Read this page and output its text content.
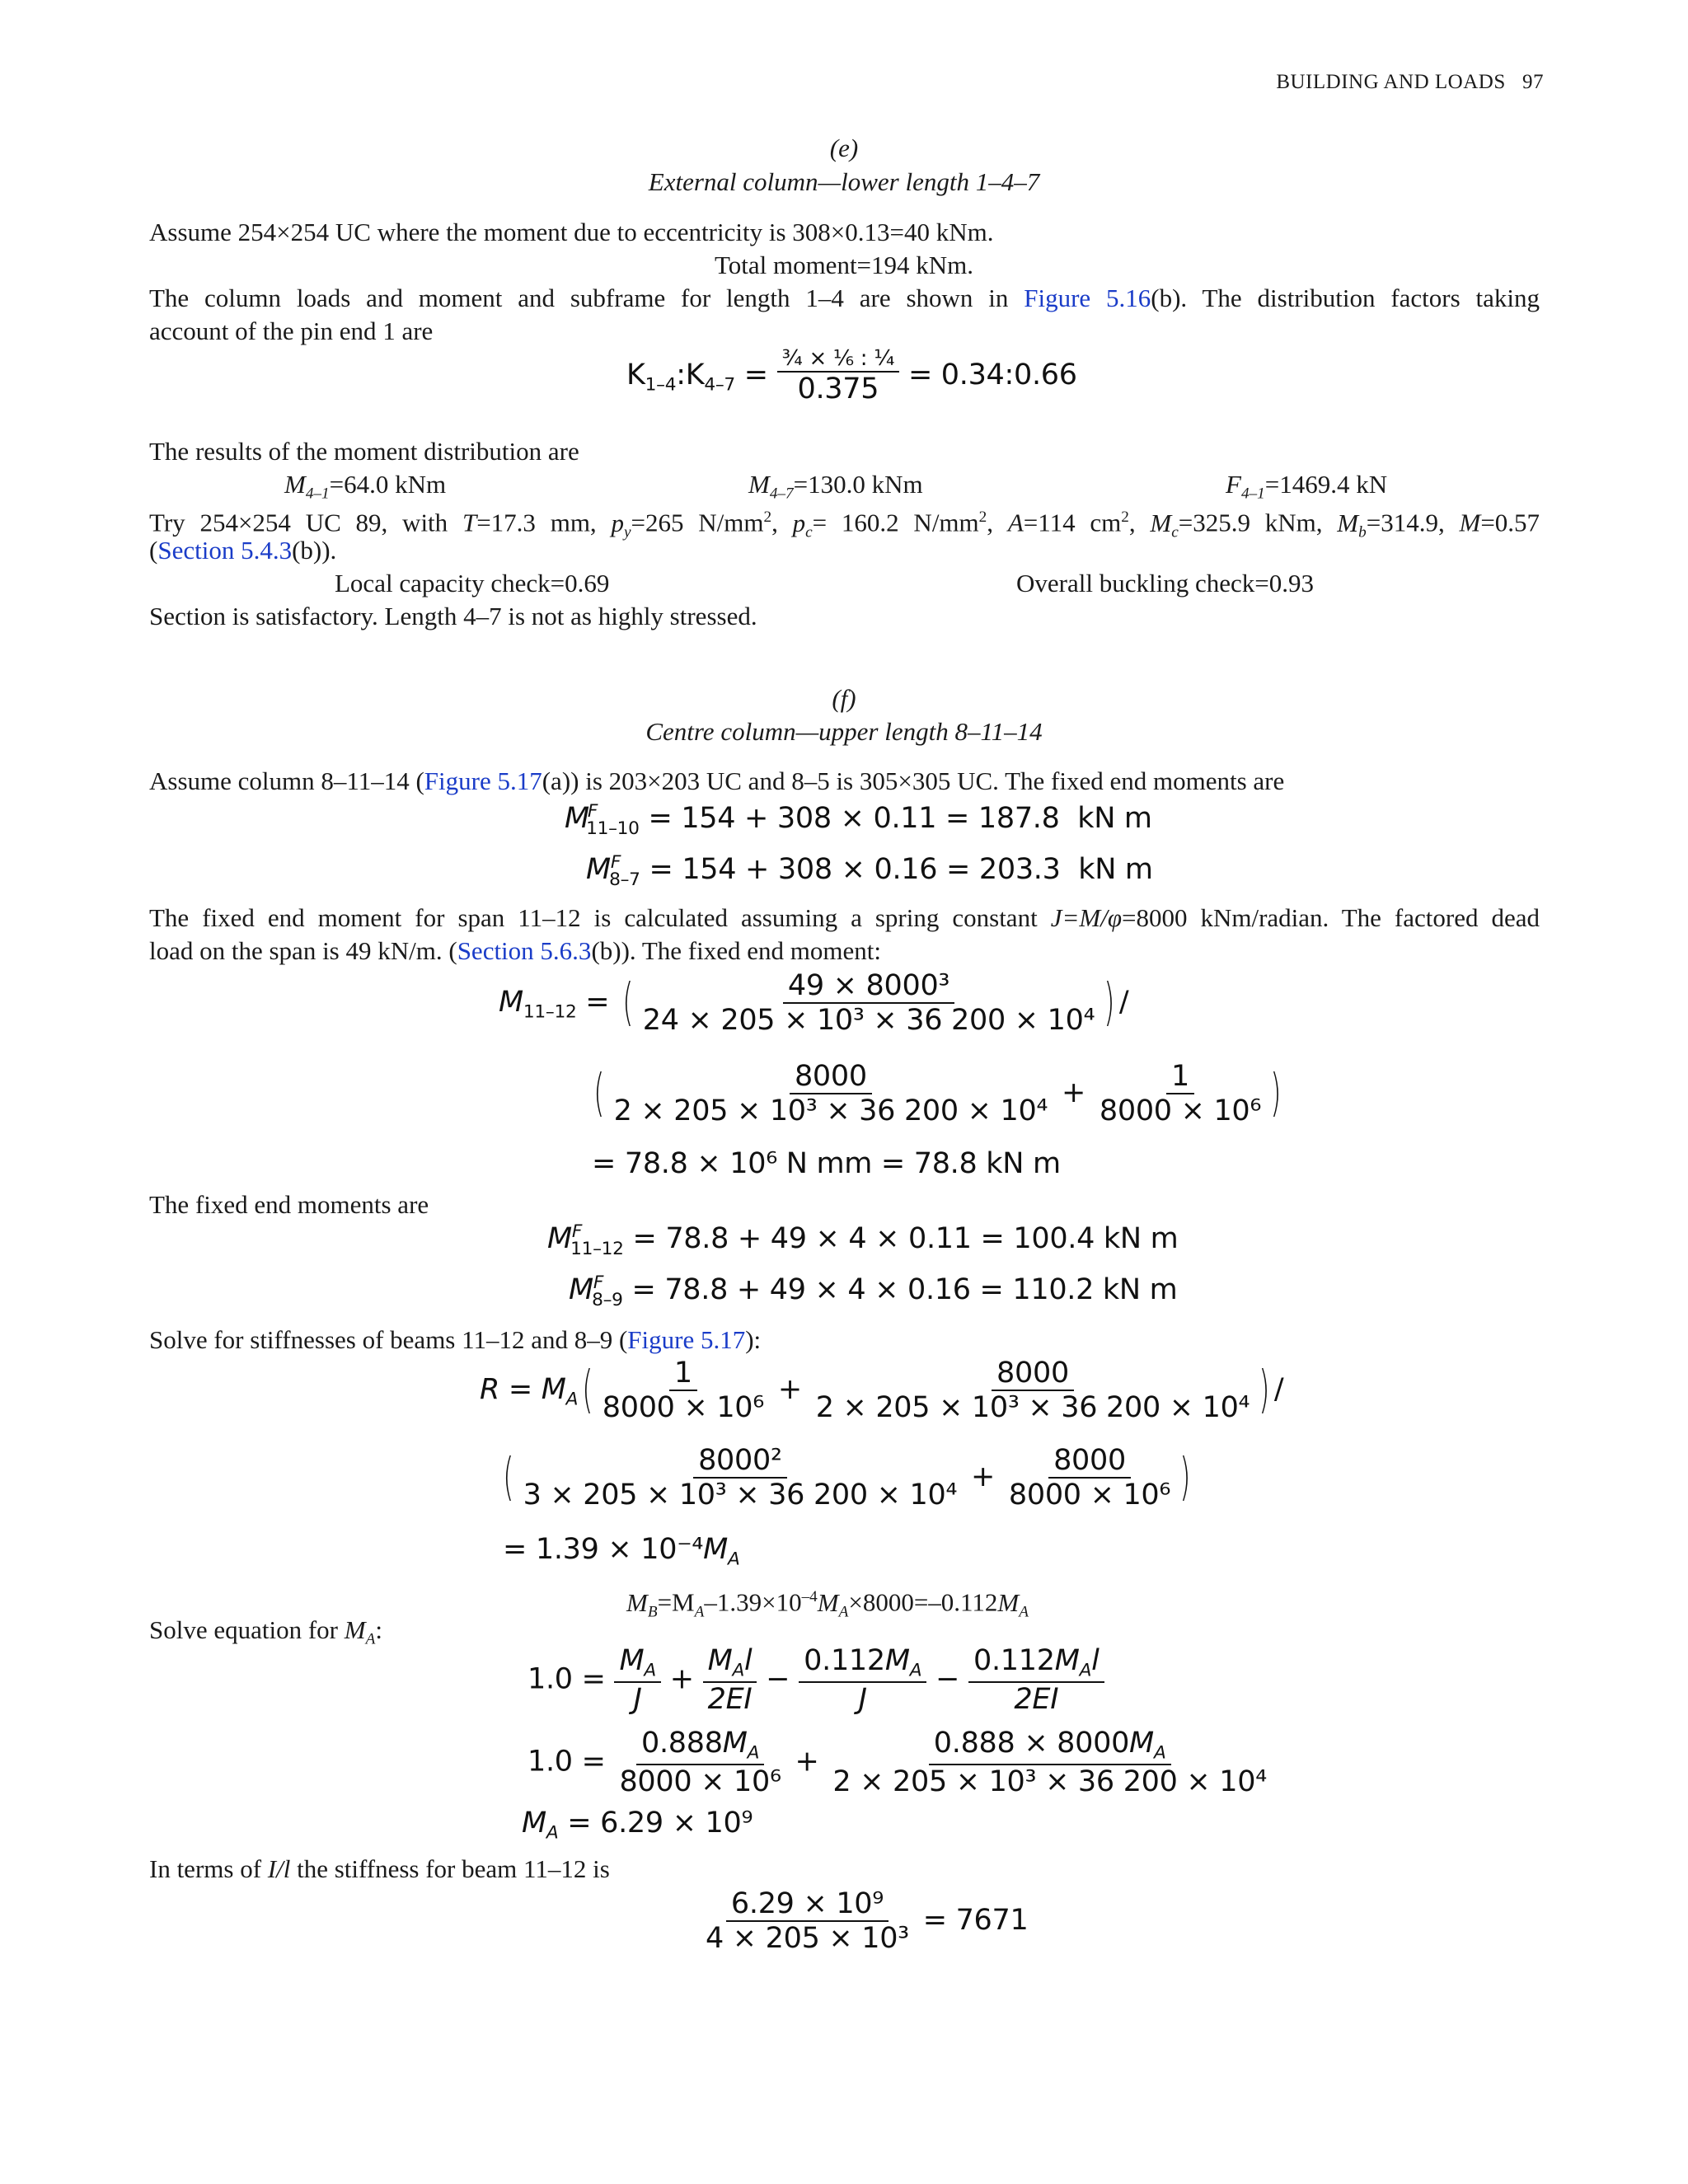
BUILDING AND LOADS 97
(e)
External column—lower length 1–4–7
Assume 254×254 UC where the moment due to eccentricity is 308×0.13=40 kNm.
Total moment=194 kNm.
The column loads and moment and subframe for length 1–4 are shown in Figure 5.16(b). The distribution factors taking
account of the pin end 1 are
$K_{1-4}:K_{4-7}$ = ¾ × ⅙ : ¼
0.375 = 0.34:0.66
The results of the moment distribution are
$M_{4-1}=64.0$ kNm	$M_{4-7}=130.0$ kNm	$F_{4-1}=1469.4$ kN
Try 254×254 UC 89, with T=17.3 mm, $p_y=265$ $N/mm^2$, $p_c= 160.2$ $N/mm^2$, A=114 $cm^2$, $M_c=325.9$ kNm, $M_b=314.9$, M=0.57
(Section 5.4.3(b)).
Local capacity check=0.69	Overall buckling check=0.93
Section is satisfactory. Length 4–7 is not as highly stressed.
(f)
Centre column—upper length 8–11–14
Assume column 8–11–14 (Figure 5.17(a)) is 203×203 UC and 8–5 is 305×305 UC. The fixed end moments are
$M^F_{11-10} = 154 + 308 \times 0.11 = 187.8$  kN m
$M^F_{8-7} = 154 + 308 \times 0.16 = 203.3$  kN m
The fixed end moment for span 11–12 is calculated assuming a spring constant J=M/φ=8000 kNm/radian. The factored dead
load on the span is 49 kN/m. (Section 5.6.3(b)). The fixed end moment:
$M_{11-12}$ = ( $\frac{\text{49 × 8000³}}{\text{24 × 205 × 10³ × 36 200 × 10⁴}}$ ) /
( $\frac{8000}{\text{2 × 205 × 10³ × 36 200 × 10⁴}} + \frac{1}{\text{8000 × 10⁶}}$ )
= 78.8 × 10⁶ N mm = 78.8 kN m
The fixed end moments are
$M^F_{11-12} = 78.8 + 49 \times 4 \times 0.11 = 100.4$ kN m
$M^F_{8-9} = 78.8 + 49 \times 4 \times 0.16 = 110.2$ kN m
Solve for stiffnesses of beams 11–12 and 8–9 (Figure 5.17):
$R = M_A( \frac{1}{\text{8000 × 10⁶}} + \frac{8000}{\text{2 × 205 × 10³ × 36 200 × 10⁴}}$ ) /
( $\frac{\text{8000²}}{\text{3 × 205 × 10³ × 36 200 × 10⁴}} + \frac{8000}{\text{8000 × 10⁶}}$ )
= $1.39 \times 10^{-4}M_A$
$M_B=M_A-1.39\times 10^{-4}M_A\times 8000=-0.112M_A$
Solve equation for $M_A$:
$1.0 = \frac{M_A}{J}$ +
$M_Al$
2EI
− $\frac{0.112M_A}{J}$ −
$0.112M_Al$
2EI
$1.0 = \frac{0.888M_A}{\text{8000 × 10⁶}} + \frac{0.888 \times 8000M_A}{\text{2 × 205 × 10³ × 36 200 × 10⁴}}$
$M_A = 6.29 \times 10^9$
In terms of I/l the stiffness for beam 11–12 is
$\frac{\text{6.29 × 10⁹}}{\text{4 × 205 × 10³}} = 7671$
